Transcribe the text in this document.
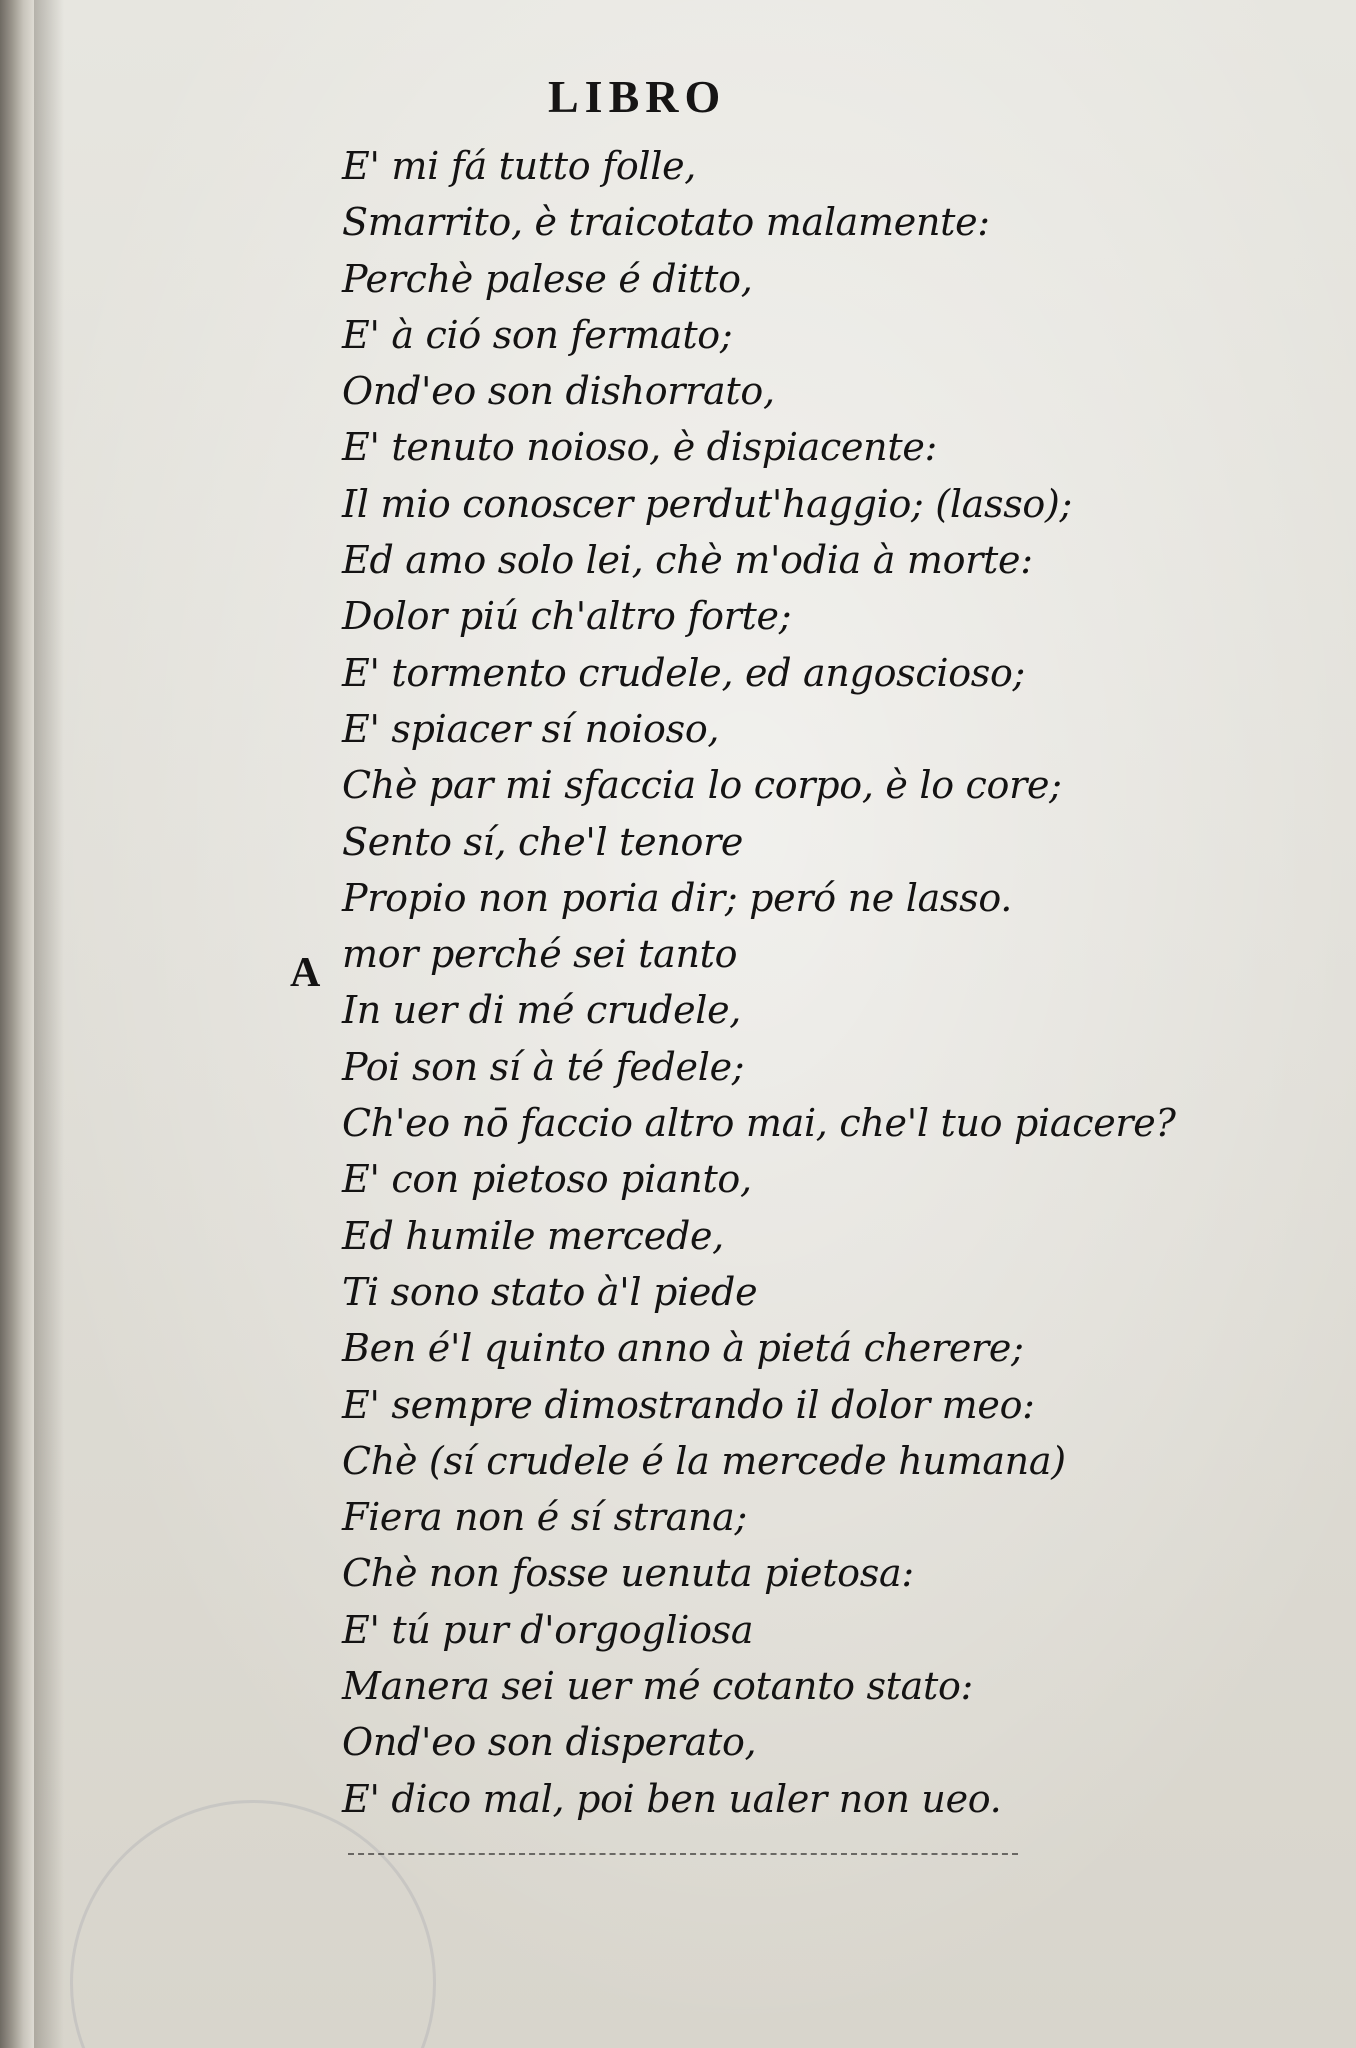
LIBRO
A
E' mi fá tutto folle,
Smarrito, è traicotato malamente:
Perchè palese é ditto,
E' à ció son fermato;
Ond'eo son dishorrato,
E' tenuto noioso, è dispiacente:
Il mio conoscer perdut'haggio; (lasso);
Ed amo solo lei, chè m'odia à morte:
Dolor piú ch'altro forte;
E' tormento crudele, ed angoscioso;
E' spiacer sí noioso,
Chè par mi sfaccia lo corpo, è lo core;
Sento sí, che'l tenore
Propio non poria dir; peró ne lasso.
mor perché sei tanto
In uer di mé crudele,
Poi son sí à té fedele;
Ch'eo nō faccio altro mai, che'l tuo piacere?
E' con pietoso pianto,
Ed humile mercede,
Ti sono stato à'l piede
Ben é'l quinto anno à pietá cherere;
E' sempre dimostrando il dolor meo:
Chè (sí crudele é la mercede humana)
Fiera non é sí strana;
Chè non fosse uenuta pietosa:
E' tú pur d'orgogliosa
Manera sei uer mé cotanto stato:
Ond'eo son disperato,
E' dico mal, poi ben ualer non ueo.
